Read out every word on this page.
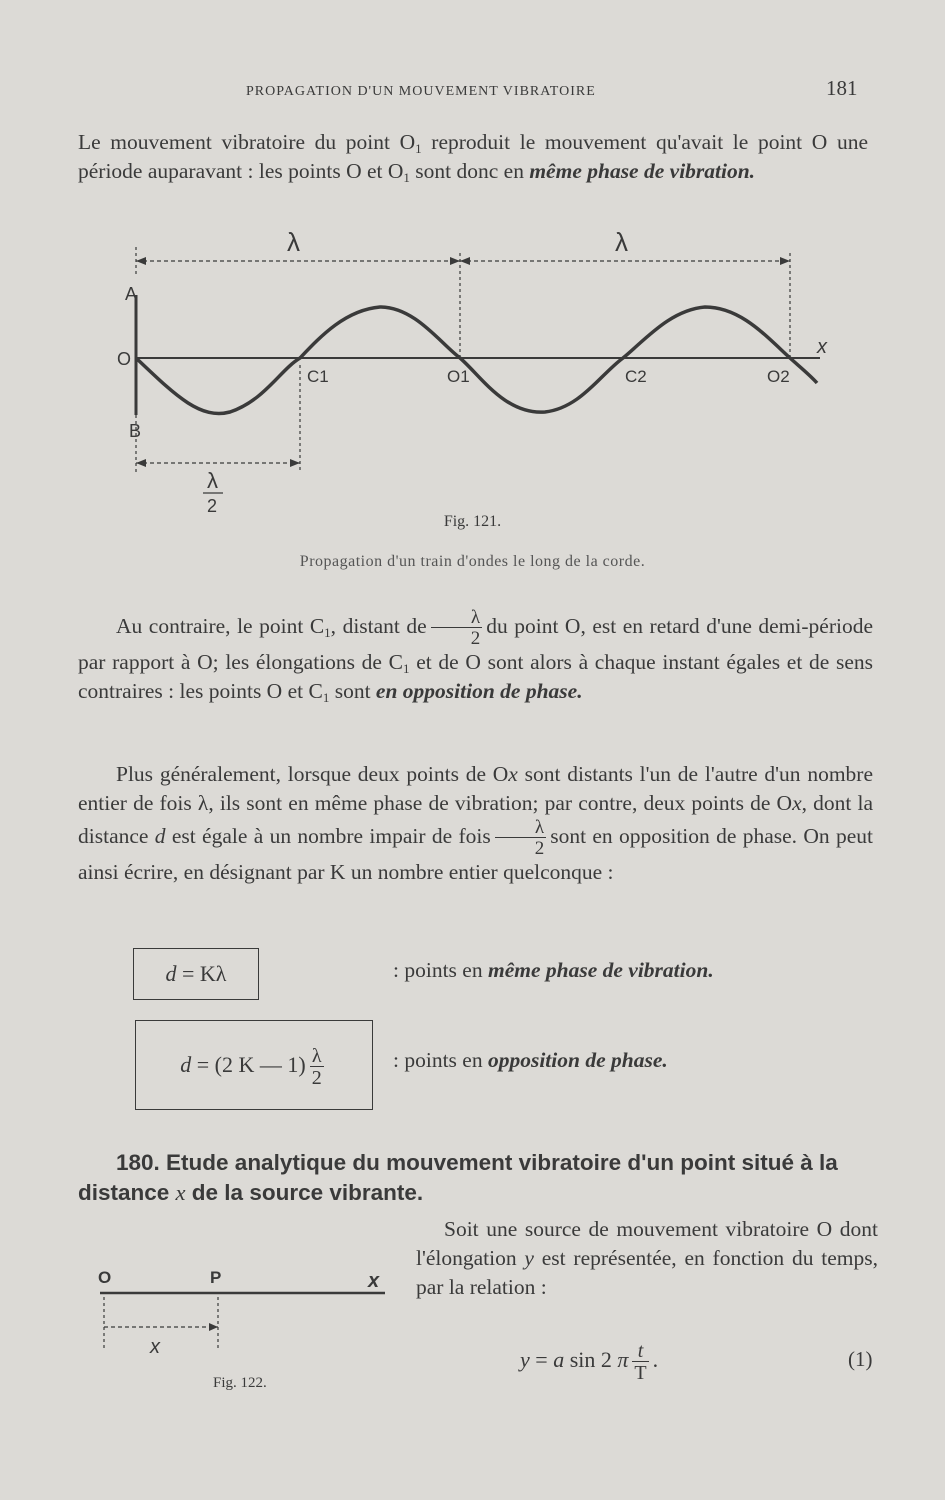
PROPAGATION D'UN MOUVEMENT VIBRATOIRE	181

Le mouvement vibratoire du point $O_1$ reproduit le mouvement qu'avait le point O une période auparavant : les points O et $O_1$ sont donc en même phase de vibration.

λ	λ
A
O
B
x
C1	O1	C2	O2
λ
2
Fig. 121.
Propagation d'un train d'ondes le long de la corde.

Au contraire, le point $C_1$, distant de $\frac{\lambda}{2}$ du point O, est en retard d'une demi-période par rapport à O; les élongations de $C_1$ et de O sont alors à chaque instant égales et de sens contraires : les points O et $C_1$ sont en opposition de phase.

Plus généralement, lorsque deux points de Ox sont distants l'un de l'autre d'un nombre entier de fois λ, ils sont en même phase de vibration; par contre, deux points de Ox, dont la distance d est égale à un nombre impair de fois $\frac{\lambda}{2}$ sont en opposition de phase. On peut ainsi écrire, en désignant par K un nombre entier quelconque :

d = Kλ	: points en même phase de vibration.
d = (2 K — $1) \frac{\lambda}{2}$	: points en opposition de phase.
180. Etude analytique du mouvement vibratoire d'un point situé à la distance x de la source vibrante.
O	P	x
x
Fig. 122.

Soit une source de mouvement vibratoire O dont l'élongation y est représentée, en fonction du temps, par la relation :

y = a sin 2 π $\frac{t}{T}$ .	(1)
